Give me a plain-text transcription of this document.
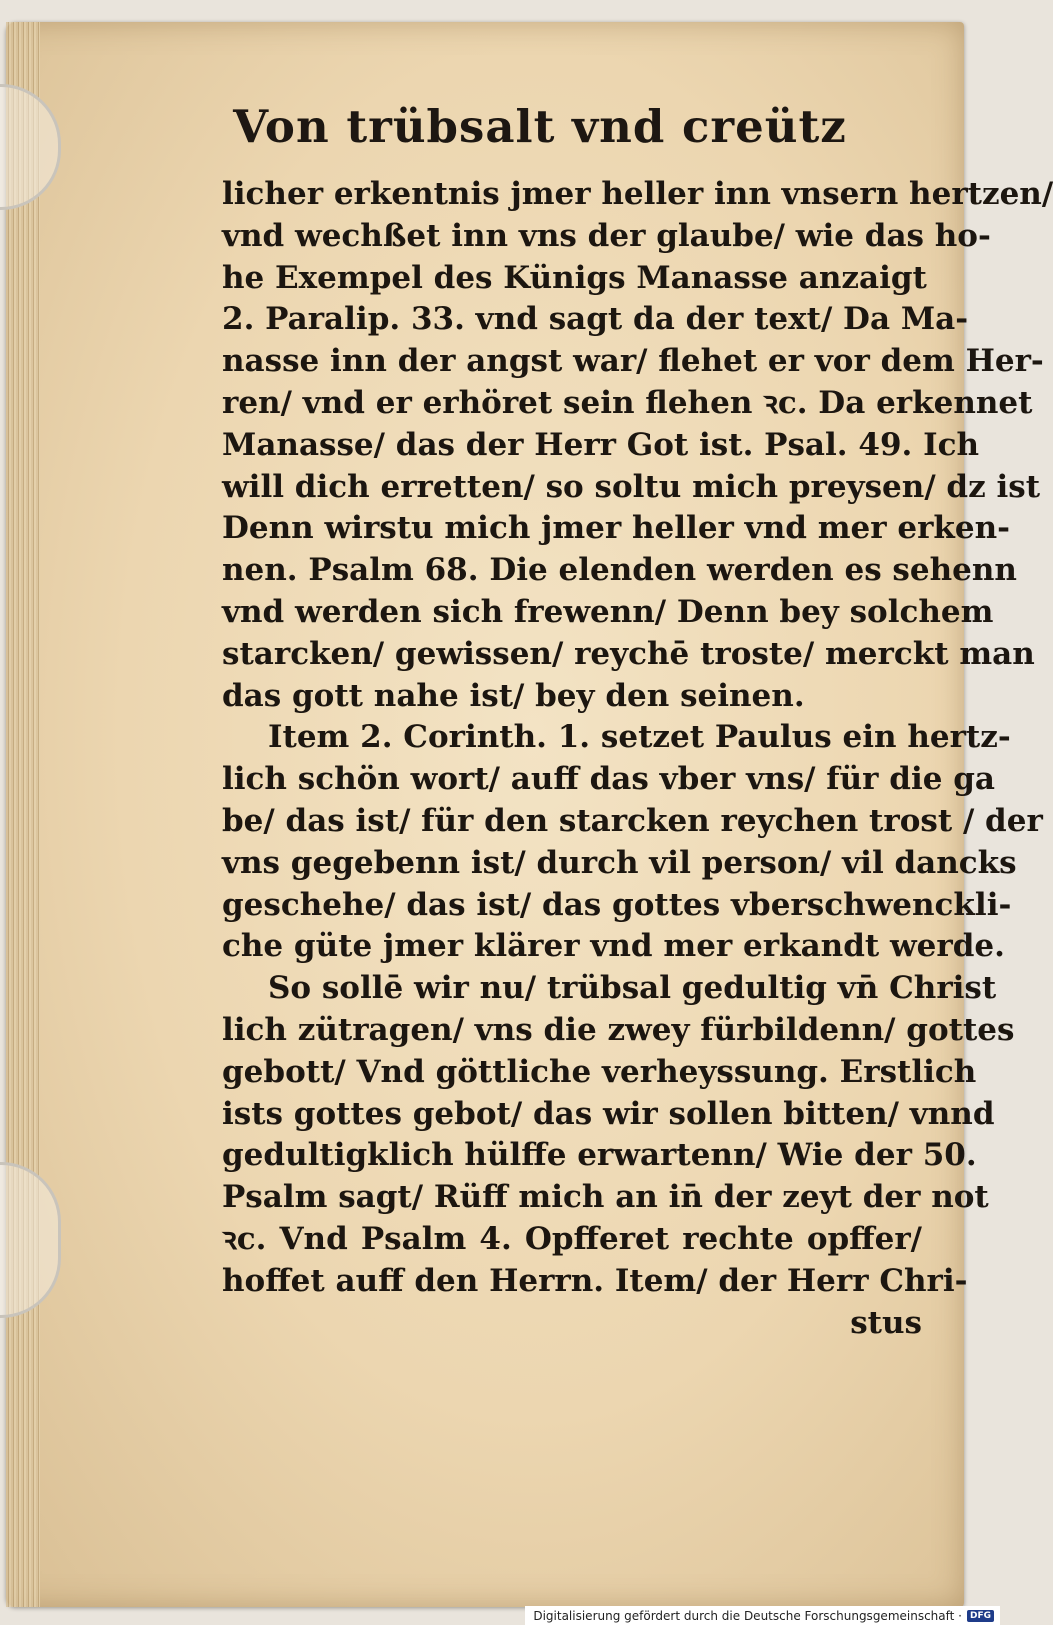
Von trübsalt vnd creütz
licher erkentnis jmer heller inn vnsern hertzen/
vnd wechßet inn vns der glaube/ wie das ho-
he Exempel des Künigs Manasse anzaigt
2. Paralip. 33. vnd sagt da der text/ Da Ma-
nasse inn der angst war/ flehet er vor dem Her-
ren/ vnd er erhöret sein flehen ꝛc. Da erkennet
Manasse/ das der Herr Got ist. Psal. 49. Ich
will dich erretten/ so soltu mich preysen/ dz ist
Denn wirstu mich jmer heller vnd mer erken-
nen. Psalm 68. Die elenden werden es sehenn
vnd werden sich frewenn/ Denn bey solchem
starcken/ gewissen/ reychē troste/ merckt man
das gott nahe ist/ bey den seinen.
Item 2. Corinth. 1. setzet Paulus ein hertz-
lich schön wort/ auff das vber vns/ für die ga
be/ das ist/ für den starcken reychen trost / der
vns gegebenn ist/ durch vil person/ vil dancks
geschehe/ das ist/ das gottes vberschwenckli-
che güte jmer klärer vnd mer erkandt werde.
So sollē wir nu/ trübsal gedultig vn̄ Christ
lich zütragen/ vns die zwey fürbildenn/ gottes
gebott/ Vnd göttliche verheyssung. Erstlich
ists gottes gebot/ das wir sollen bitten/ vnnd
gedultigklich hülffe erwartenn/ Wie der 50.
Psalm sagt/ Rüff mich an in̄ der zeyt der not
ꝛc. Vnd Psalm 4. Opfferet rechte opffer/
hoffet auff den Herrn. Item/ der Herr Chri-
stus
Digitalisierung gefördert durch die Deutsche Forschungsgemeinschaft · DFG
